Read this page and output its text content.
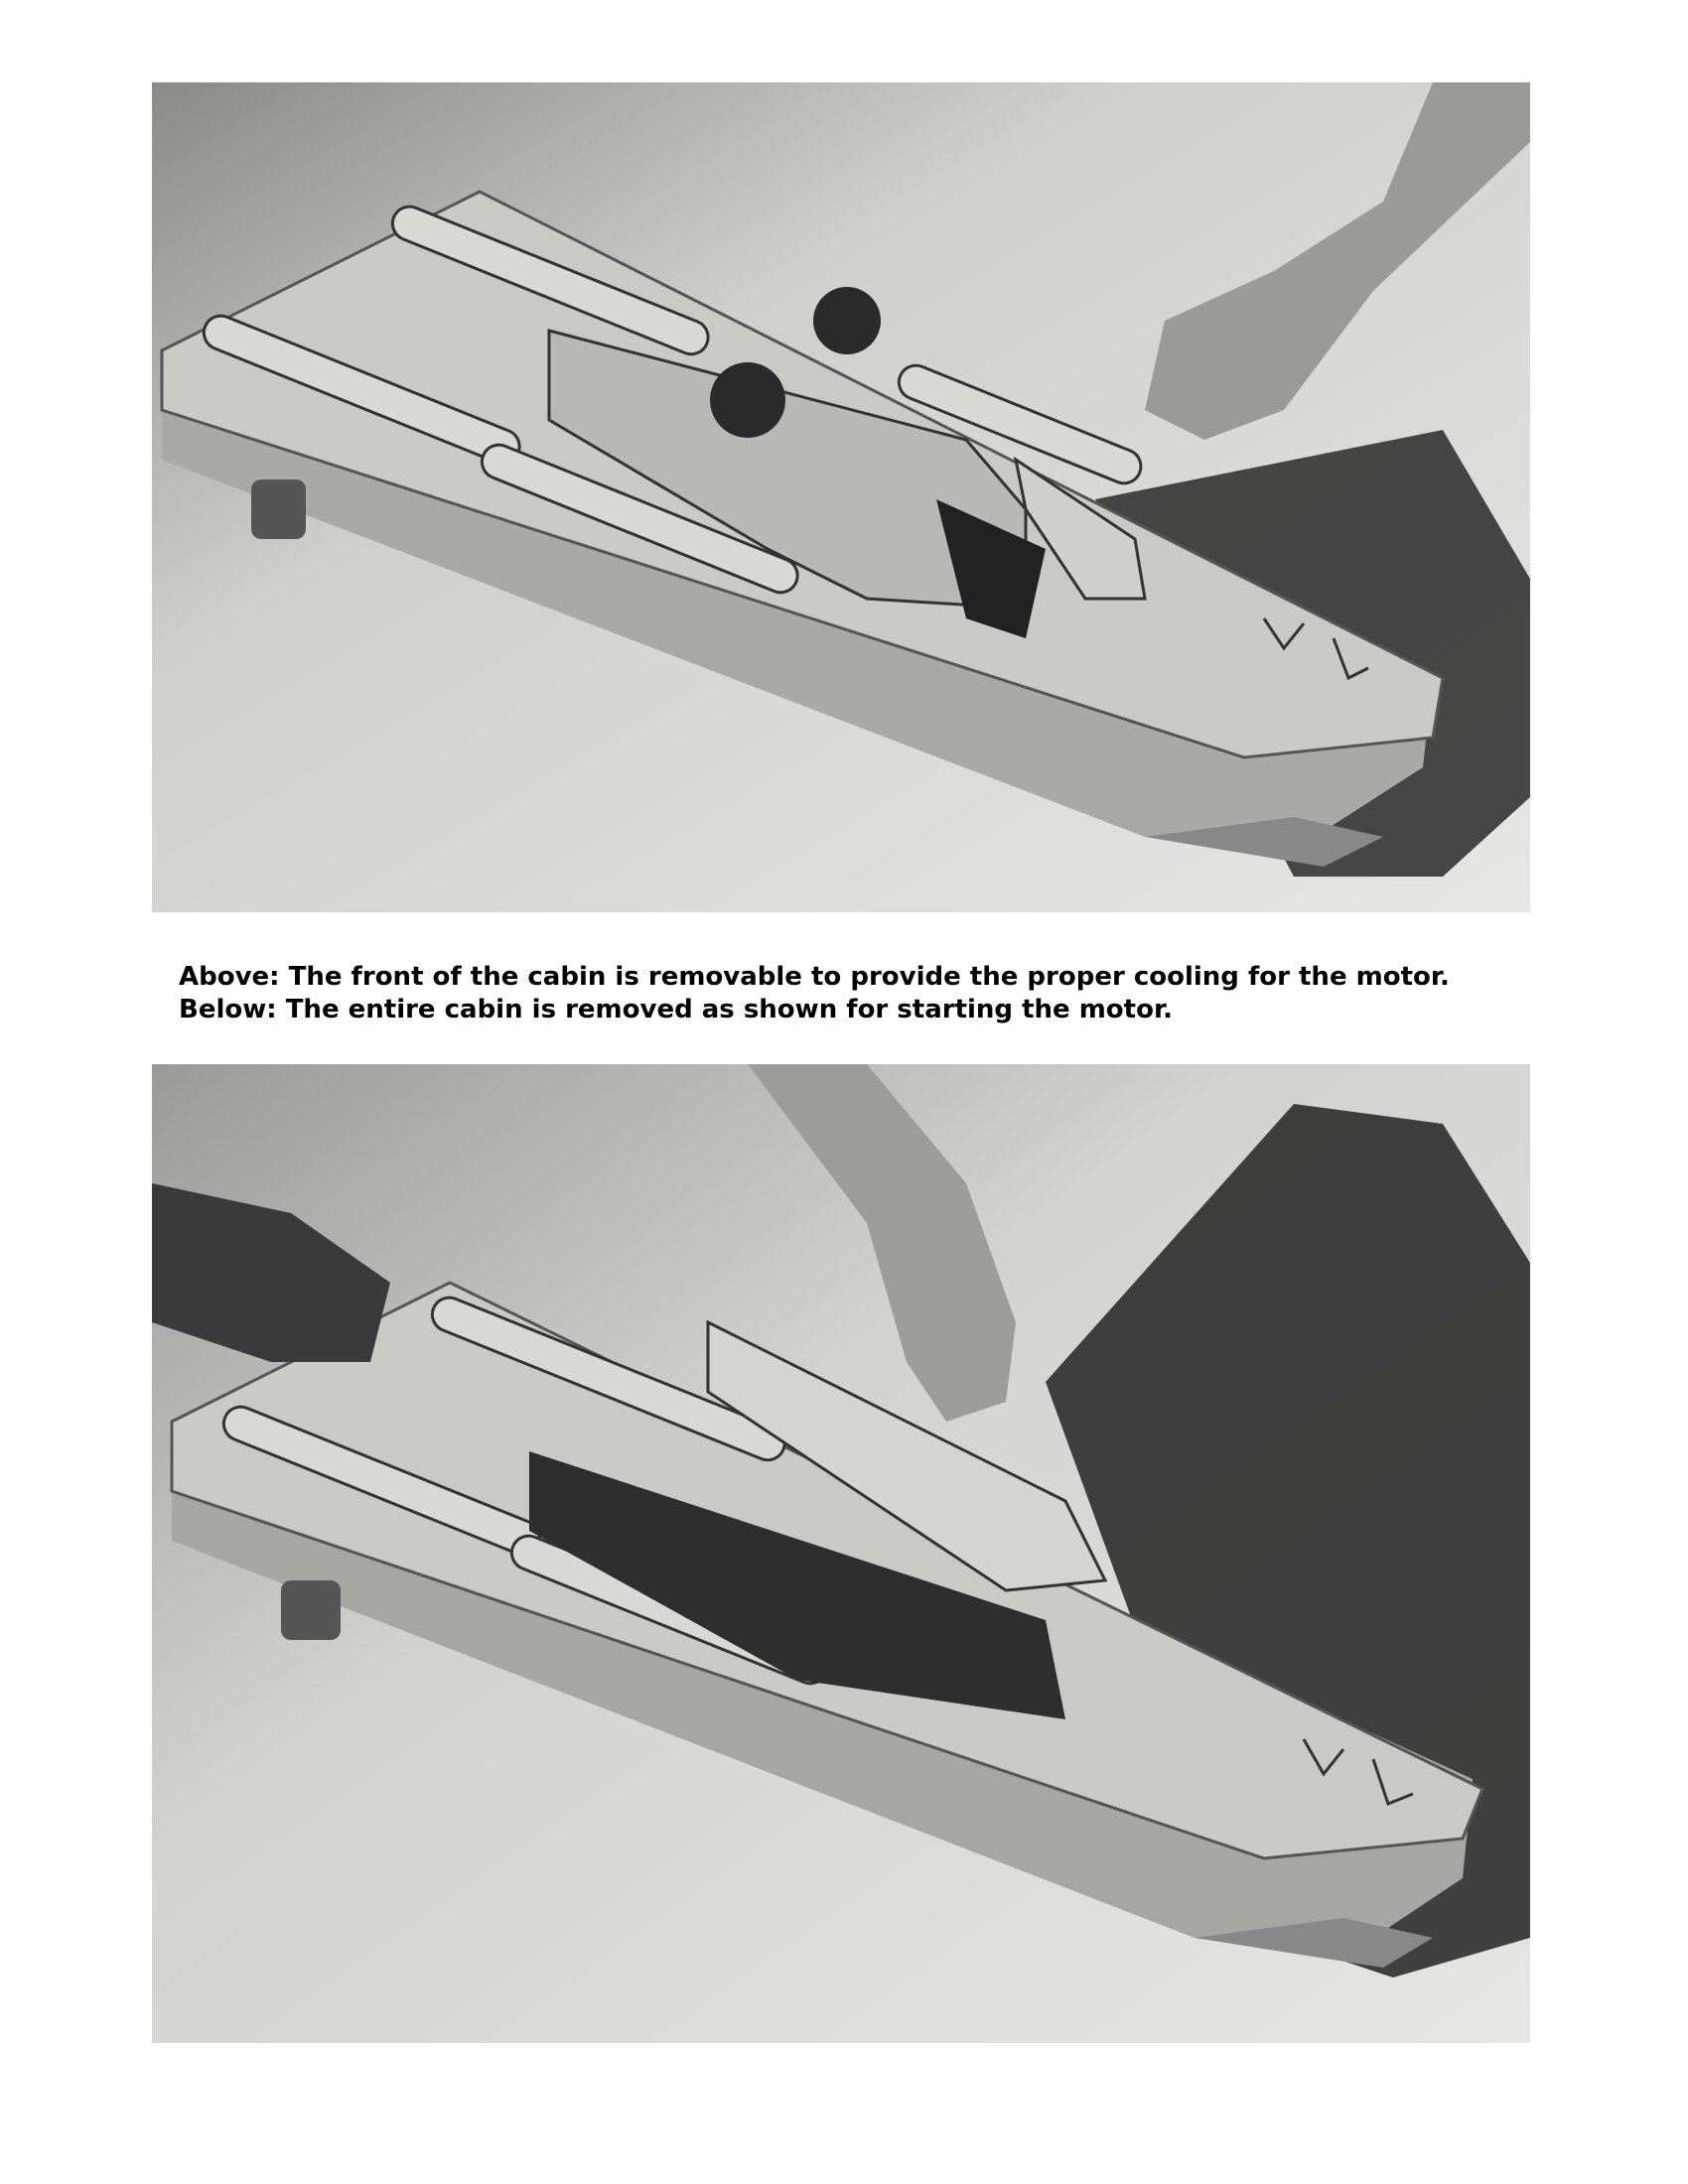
Above: The front of the cabin is removable to provide the proper cooling for the motor.
Below: The entire cabin is removed as shown for starting the motor.
